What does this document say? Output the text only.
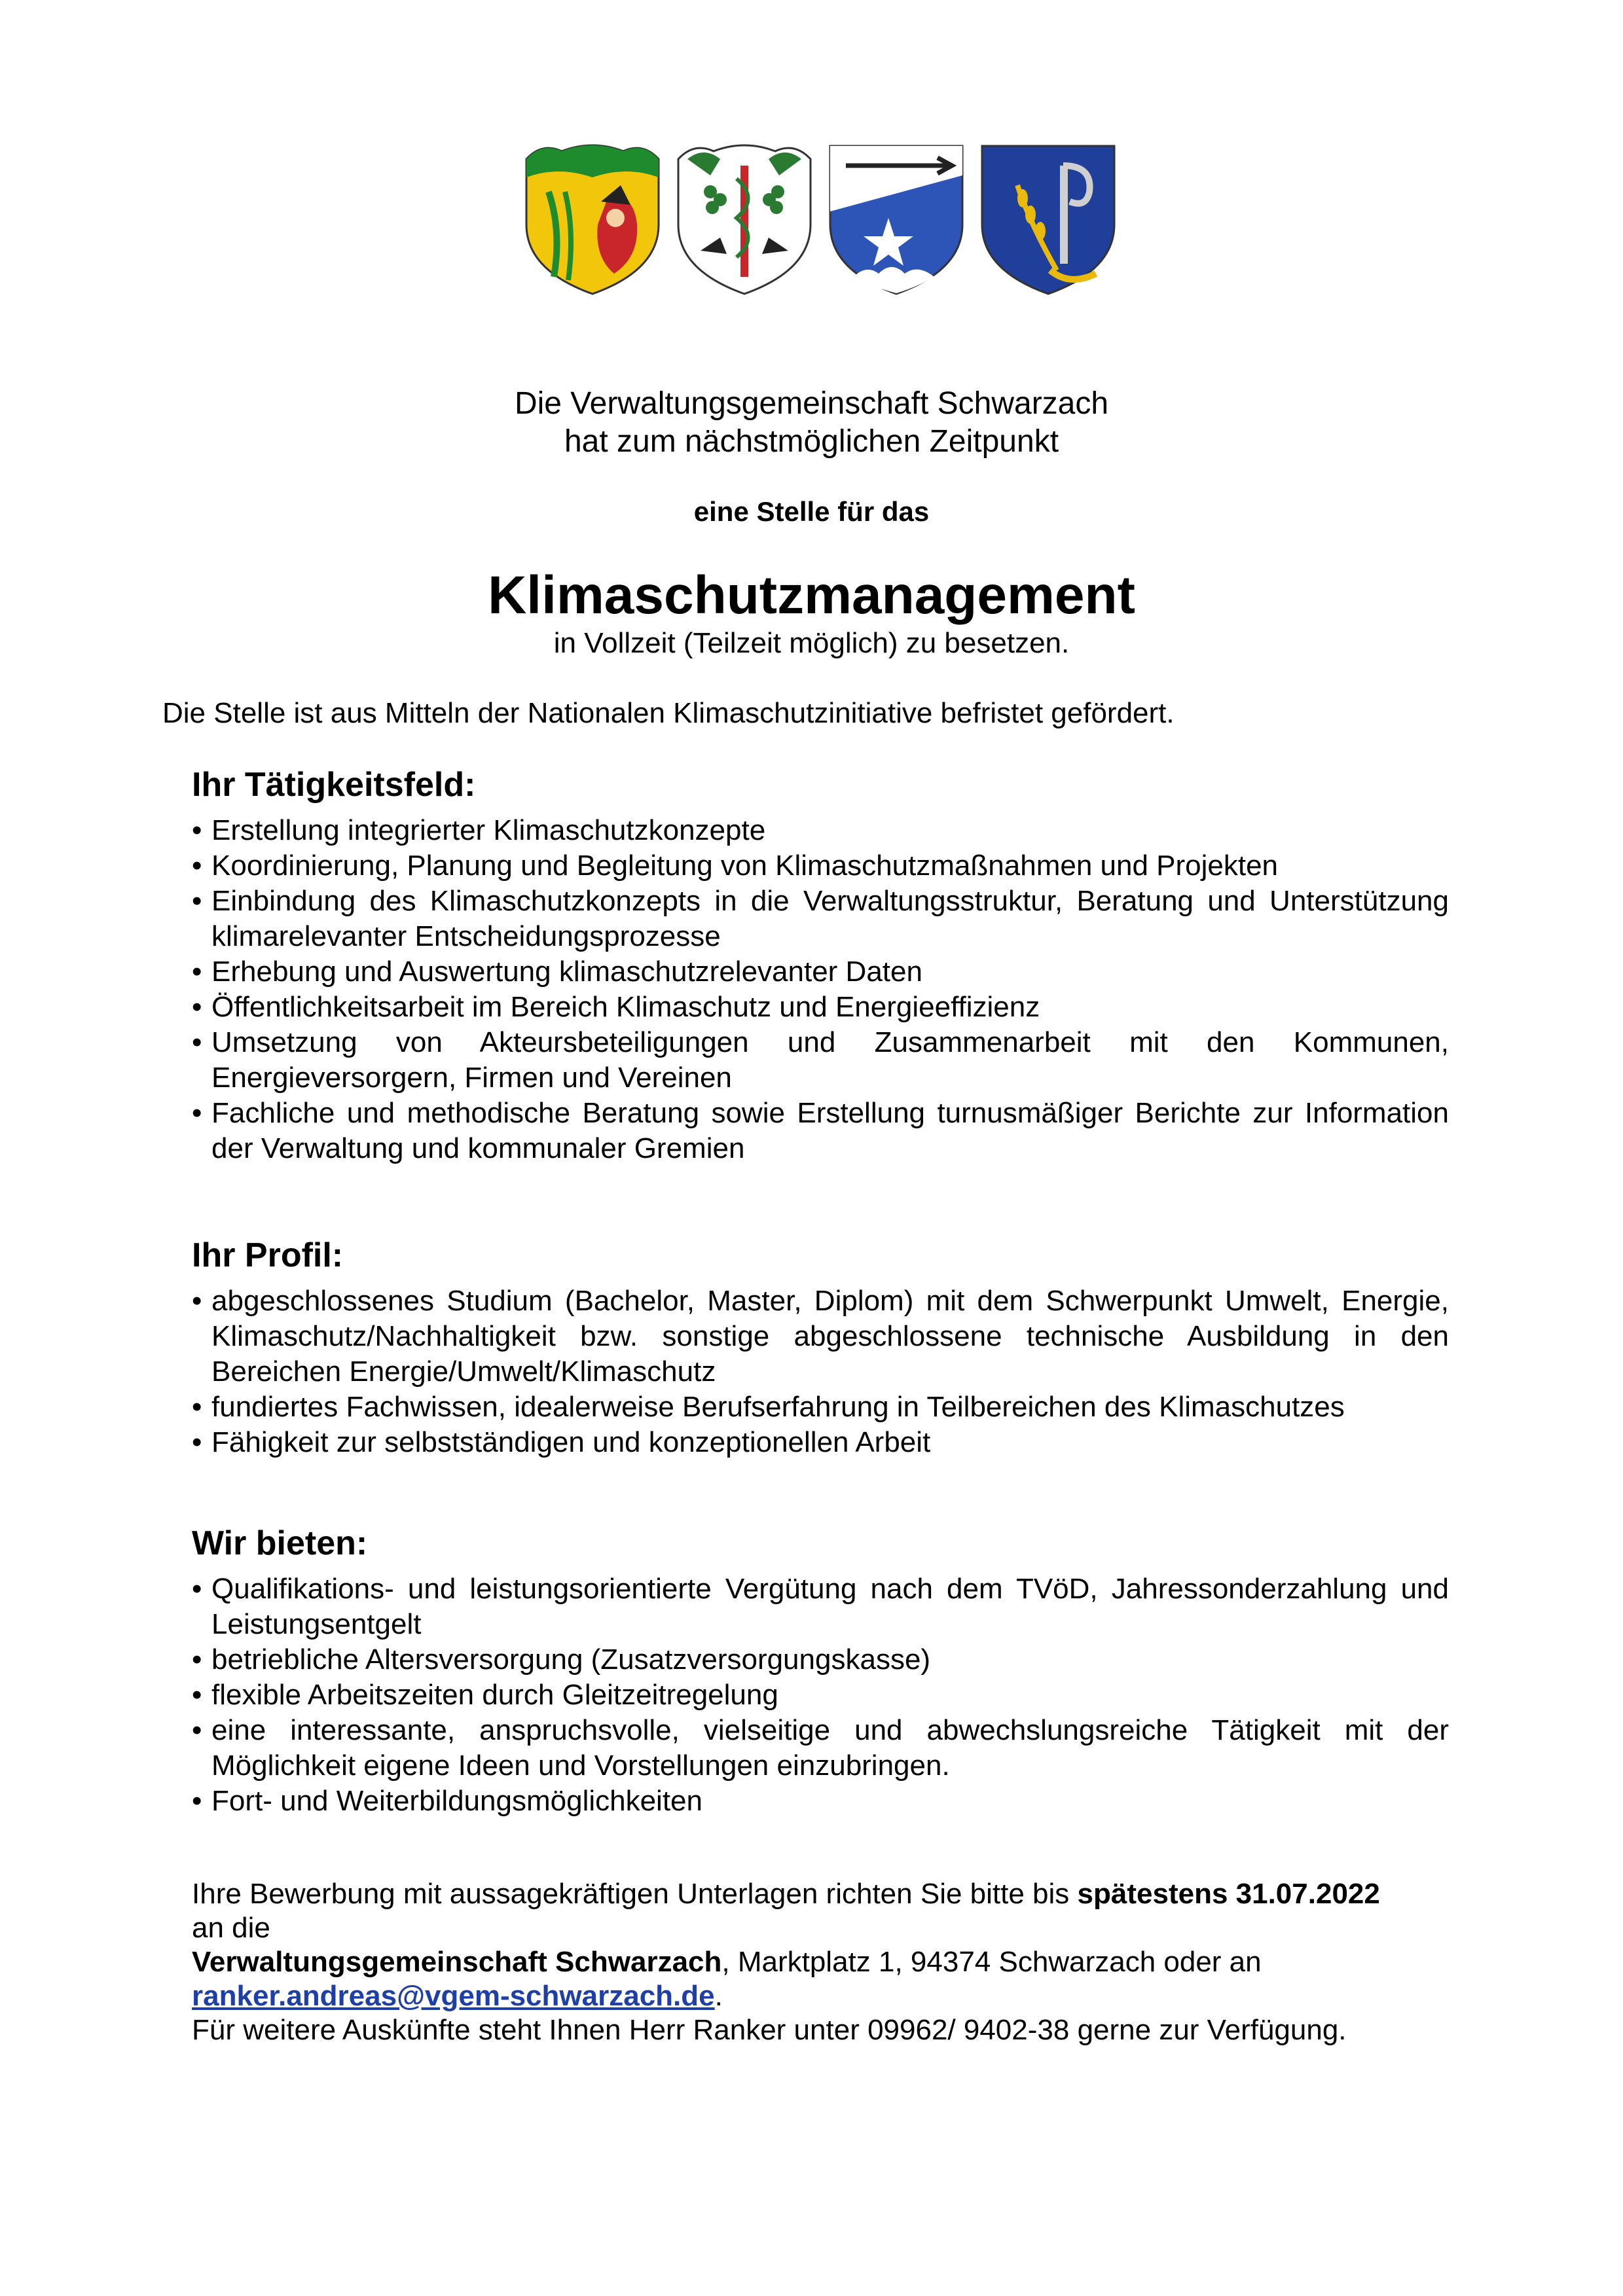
Die Verwaltungsgemeinschaft Schwarzach
hat zum nächstmöglichen Zeitpunkt
eine Stelle für das
Klimaschutzmanagement
in Vollzeit (Teilzeit möglich) zu besetzen.
Die Stelle ist aus Mitteln der Nationalen Klimaschutzinitiative befristet gefördert.
Ihr Tätigkeitsfeld:
• Erstellung integrierter Klimaschutzkonzepte
• Koordinierung, Planung und Begleitung von Klimaschutzmaßnahmen und Projekten
• Einbindung des Klimaschutzkonzepts in die Verwaltungsstruktur, Beratung und Unterstützung klimarelevanter Entscheidungsprozesse
• Erhebung und Auswertung klimaschutzrelevanter Daten
• Öffentlichkeitsarbeit im Bereich Klimaschutz und Energieeffizienz
• Umsetzung von Akteursbeteiligungen und Zusammenarbeit mit den Kommunen, Energieversorgern, Firmen und Vereinen
• Fachliche und methodische Beratung sowie Erstellung turnusmäßiger Berichte zur Information der Verwaltung und kommunaler Gremien
Ihr Profil:
• abgeschlossenes Studium (Bachelor, Master, Diplom) mit dem Schwerpunkt Umwelt, Energie, Klimaschutz/Nachhaltigkeit bzw. sonstige abgeschlossene technische Ausbildung in den Bereichen Energie/Umwelt/Klimaschutz
• fundiertes Fachwissen, idealerweise Berufserfahrung in Teilbereichen des Klimaschutzes
• Fähigkeit zur selbstständigen und konzeptionellen Arbeit
Wir bieten:
• Qualifikations- und leistungsorientierte Vergütung nach dem TVöD, Jahressonderzahlung und Leistungsentgelt
• betriebliche Altersversorgung (Zusatzversorgungskasse)
• flexible Arbeitszeiten durch Gleitzeitregelung
• eine interessante, anspruchsvolle, vielseitige und abwechslungsreiche Tätigkeit mit der Möglichkeit eigene Ideen und Vorstellungen einzubringen.
• Fort- und Weiterbildungsmöglichkeiten

Ihre Bewerbung mit aussagekräftigen Unterlagen richten Sie bitte bis spätestens 31.07.2022

an die

Verwaltungsgemeinschaft Schwarzach, Marktplatz 1, 94374 Schwarzach oder an

ranker.andreas@vgem-schwarzach.de.

Für weitere Auskünfte steht Ihnen Herr Ranker unter 09962/ 9402-38 gerne zur Verfügung.
